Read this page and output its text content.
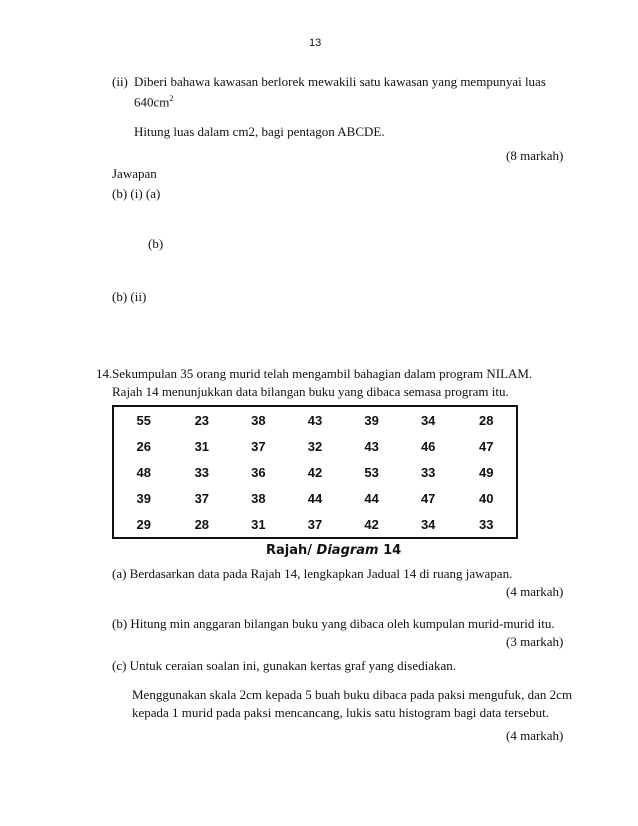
13
(ii) Diberi bahawa kawasan berlorek mewakili satu kawasan yang mempunyai luas
$640cm^2$
Hitung luas dalam cm2, bagi pentagon ABCDE.
(8 markah)
Jawapan
(b) (i) (a)
(b)
(b) (ii)
14. Sekumpulan 35 orang murid telah mengambil bahagian dalam program NILAM.
Rajah 14 menunjukkan data bilangan buku yang dibaca semasa program itu.
55	23	38	43	39	34	28
26	31	37	32	43	46	47
48	33	36	42	53	33	49
39	37	38	44	44	47	40
29	28	31	37	42	34	33
Rajah/ Diagram 14
(a) Berdasarkan data pada Rajah 14, lengkapkan Jadual 14 di ruang jawapan.
(4 markah)
(b) Hitung min anggaran bilangan buku yang dibaca oleh kumpulan murid-murid itu.
(3 markah)
(c) Untuk ceraian soalan ini, gunakan kertas graf yang disediakan.
Menggunakan skala 2cm kepada 5 buah buku dibaca pada paksi mengufuk, dan 2cm
kepada 1 murid pada paksi mencancang, lukis satu histogram bagi data tersebut.
(4 markah)
